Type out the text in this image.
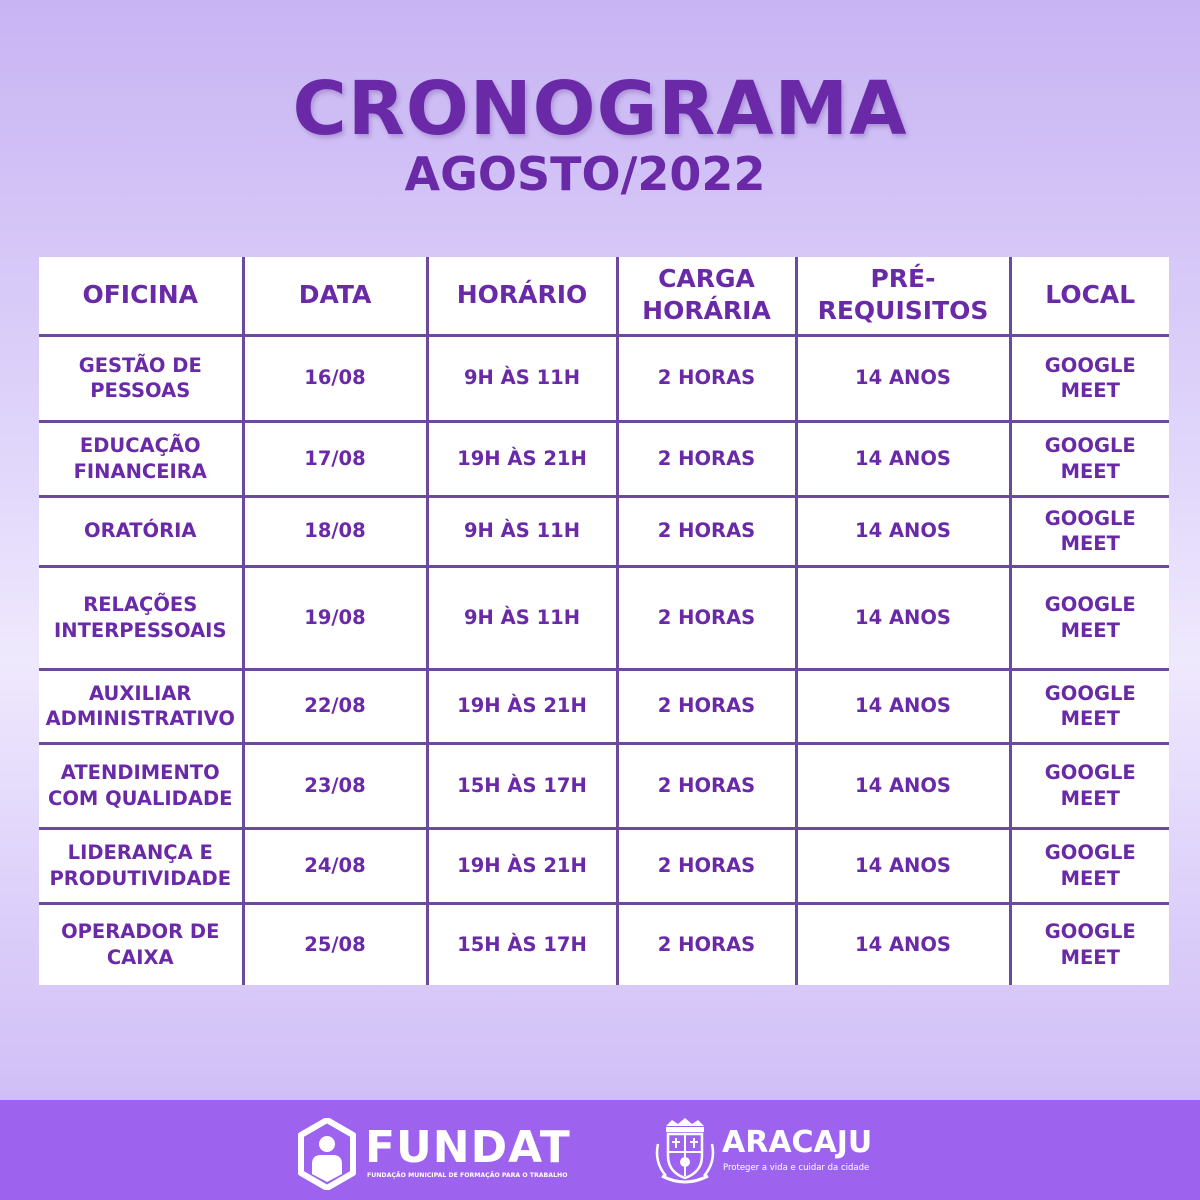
CRONOGRAMA
AGOSTO/2022
OFICINA	DATA	HORÁRIO	CARGA HORÁRIA	PRÉ-REQUISITOS	LOCAL
GESTÃO DE PESSOAS	16/08	9H ÀS 11H	2 HORAS	14 ANOS	GOOGLE MEET
EDUCAÇÃO FINANCEIRA	17/08	19H ÀS 21H	2 HORAS	14 ANOS	GOOGLE MEET
ORATÓRIA	18/08	9H ÀS 11H	2 HORAS	14 ANOS	GOOGLE MEET
RELAÇÕES INTERPESSOAIS	19/08	9H ÀS 11H	2 HORAS	14 ANOS	GOOGLE MEET
AUXILIAR ADMINISTRATIVO	22/08	19H ÀS 21H	2 HORAS	14 ANOS	GOOGLE MEET
ATENDIMENTO COM QUALIDADE	23/08	15H ÀS 17H	2 HORAS	14 ANOS	GOOGLE MEET
LIDERANÇA E PRODUTIVIDADE	24/08	19H ÀS 21H	2 HORAS	14 ANOS	GOOGLE MEET
OPERADOR DE CAIXA	25/08	15H ÀS 17H	2 HORAS	14 ANOS	GOOGLE MEET
FUNDAT
FUNDAÇÃO MUNICIPAL DE FORMAÇÃO PARA O TRABALHO
ARACAJU
Proteger a vida e cuidar da cidade
